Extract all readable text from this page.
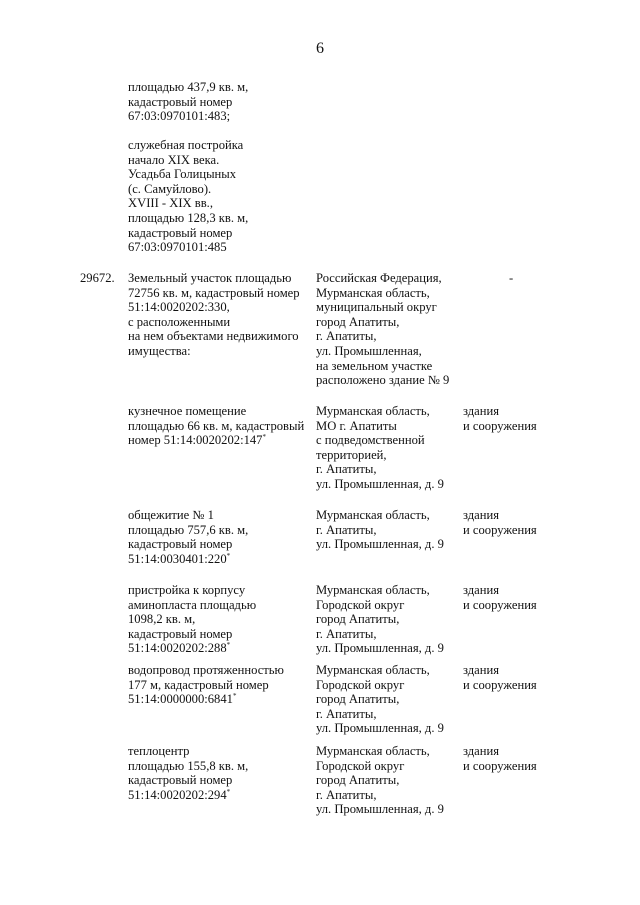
6
площадью 437,9 кв. м,
кадастровый номер
67:03:0970101:483;
служебная постройка
начало XIX века.
Усадьба Голицыных
(с. Самуйлово).
XVIII - XIX вв.,
площадью 128,3 кв. м,
кадастровый номер
67:03:0970101:485
29672. Земельный участок площадью
72756 кв. м, кадастровый номер
51:14:0020202:330,
с расположенными
на нем объектами недвижимого
имущества:
Российская Федерация,
Мурманская область,
муниципальный округ
город Апатиты,
г. Апатиты,
ул. Промышленная,
на земельном участке
расположено здание № 9
-
кузнечное помещение
площадью 66 кв. м, кадастровый
номер 51:14:0020202:147*
Мурманская область,
МО г. Апатиты
с подведомственной
территорией,
г. Апатиты,
ул. Промышленная, д. 9
здания
и сооружения
общежитие № 1
площадью 757,6 кв. м,
кадастровый номер
51:14:0030401:220*
Мурманская область,
г. Апатиты,
ул. Промышленная, д. 9
здания
и сооружения
пристройка к корпусу
аминопласта площадью
1098,2 кв. м,
кадастровый номер
51:14:0020202:288*
Мурманская область,
Городской округ
город Апатиты,
г. Апатиты,
ул. Промышленная, д. 9
здания
и сооружения
водопровод протяженностью
177 м, кадастровый номер
51:14:0000000:6841*
Мурманская область,
Городской округ
город Апатиты,
г. Апатиты,
ул. Промышленная, д. 9
здания
и сооружения
теплоцентр
площадью 155,8 кв. м,
кадастровый номер
51:14:0020202:294*
Мурманская область,
Городской округ
город Апатиты,
г. Апатиты,
ул. Промышленная, д. 9
здания
и сооружения
